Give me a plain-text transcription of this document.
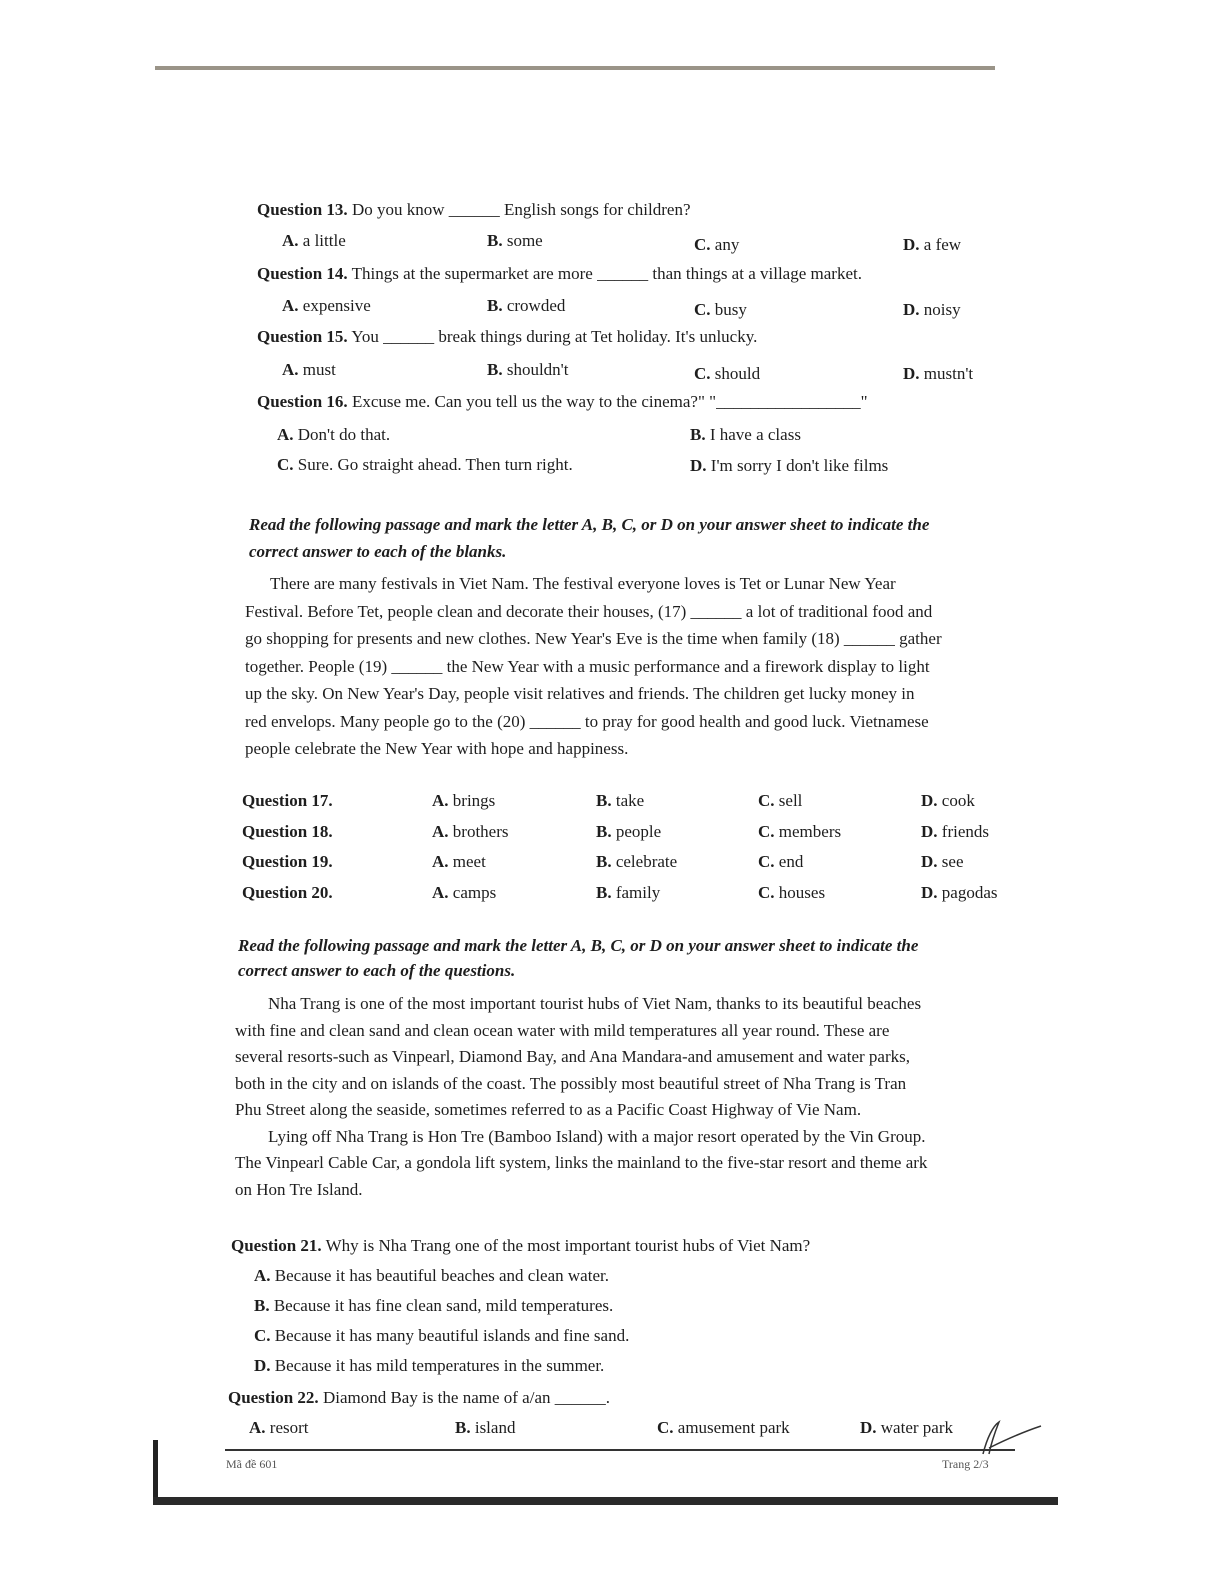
Question 13. Do you know ______ English songs for children?
A. a little	B. some	C. any	D. a few
Question 14. Things at the supermarket are more ______ than things at a village market.
A. expensive	B. crowded	C. busy	D. noisy
Question 15. You ______ break things during at Tet holiday. It's unlucky.
A. must	B. shouldn't	C. should	D. mustn't
Question 16. Excuse me. Can you tell us the way to the cinema?" "_________________"
A. Don't do that.	B. I have a class
C. Sure. Go straight ahead. Then turn right.	D. I'm sorry I don't like films
Read the following passage and mark the letter A, B, C, or D on your answer sheet to indicate the
correct answer to each of the blanks.
There are many festivals in Viet Nam. The festival everyone loves is Tet or Lunar New Year
Festival. Before Tet, people clean and decorate their houses, (17) ______ a lot of traditional food and
go shopping for presents and new clothes. New Year's Eve is the time when family (18) ______ gather
together. People (19) ______ the New Year with a music performance and a firework display to light
up the sky. On New Year's Day, people visit relatives and friends. The children get lucky money in
red envelops. Many people go to the (20) ______ to pray for good health and good luck. Vietnamese
people celebrate the New Year with hope and happiness.
Question 17.	A. brings	B. take	C. sell	D. cook
Question 18.	A. brothers	B. people	C. members	D. friends
Question 19.	A. meet	B. celebrate	C. end	D. see
Question 20.	A. camps	B. family	C. houses	D. pagodas
Read the following passage and mark the letter A, B, C, or D on your answer sheet to indicate the
correct answer to each of the questions.
Nha Trang is one of the most important tourist hubs of Viet Nam, thanks to its beautiful beaches
with fine and clean sand and clean ocean water with mild temperatures all year round. These are
several resorts-such as Vinpearl, Diamond Bay, and Ana Mandara-and amusement and water parks,
both in the city and on islands of the coast. The possibly most beautiful street of Nha Trang is Tran
Phu Street along the seaside, sometimes referred to as a Pacific Coast Highway of Vie Nam.
Lying off Nha Trang is Hon Tre (Bamboo Island) with a major resort operated by the Vin Group.
The Vinpearl Cable Car, a gondola lift system, links the mainland to the five-star resort and theme ark
on Hon Tre Island.
Question 21. Why is Nha Trang one of the most important tourist hubs of Viet Nam?
A. Because it has beautiful beaches and clean water.
B. Because it has fine clean sand, mild temperatures.
C. Because it has many beautiful islands and fine sand.
D. Because it has mild temperatures in the summer.
Question 22. Diamond Bay is the name of a/an ______.
A. resort	B. island	C. amusement park	D. water park
Mã đề 601	Trang 2/3
